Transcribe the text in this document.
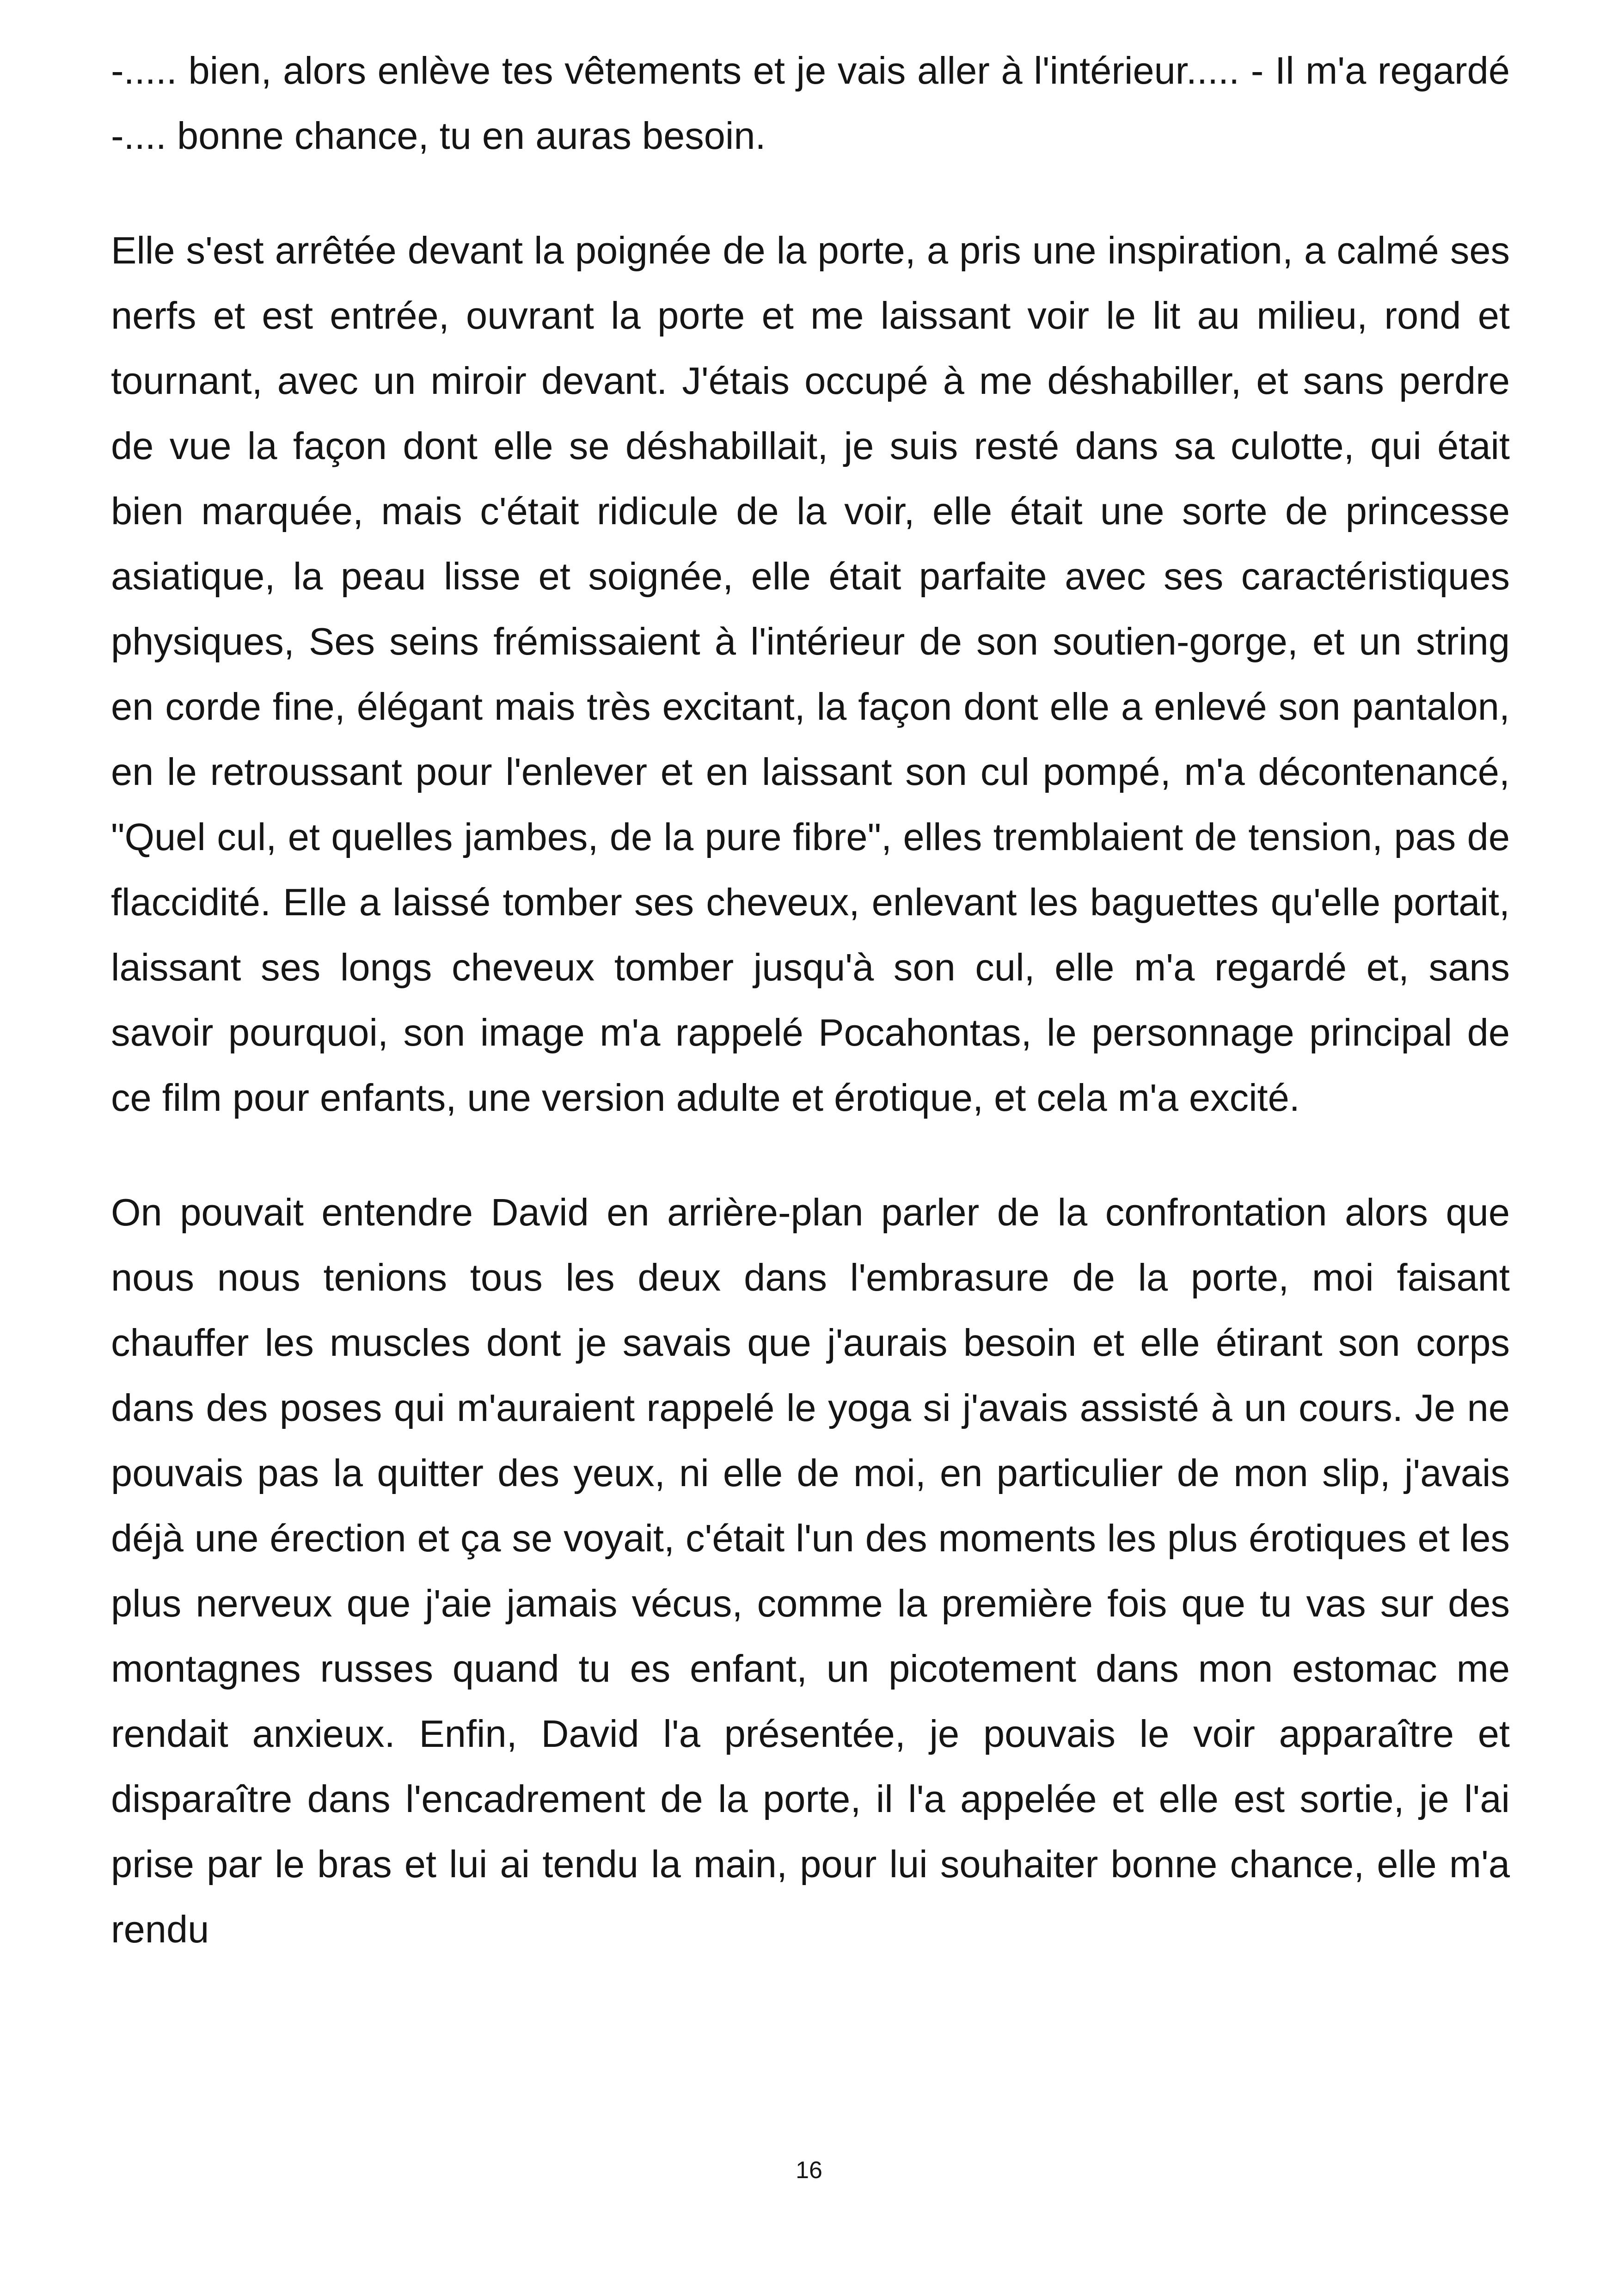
-..... bien, alors enlève tes vêtements et je vais aller à l'intérieur..... - Il m'a regardé -.... bonne chance, tu en auras besoin.

Elle s'est arrêtée devant la poignée de la porte, a pris une inspiration, a calmé ses nerfs et est entrée, ouvrant la porte et me laissant voir le lit au milieu, rond et tournant, avec un miroir devant. J'étais occupé à me déshabiller, et sans perdre de vue la façon dont elle se déshabillait, je suis resté dans sa culotte, qui était bien marquée, mais c'était ridicule de la voir, elle était une sorte de princesse asiatique, la peau lisse et soignée, elle était parfaite avec ses caractéristiques physiques, Ses seins frémissaient à l'intérieur de son soutien-gorge, et un string en corde fine, élégant mais très excitant, la façon dont elle a enlevé son pantalon, en le retroussant pour l'enlever et en laissant son cul pompé, m'a décontenancé, "Quel cul, et quelles jambes, de la pure fibre", elles tremblaient de tension, pas de flaccidité. Elle a laissé tomber ses cheveux, enlevant les baguettes qu'elle portait, laissant ses longs cheveux tomber jusqu'à son cul, elle m'a regardé et, sans savoir pourquoi, son image m'a rappelé Pocahontas, le personnage principal de ce film pour enfants, une version adulte et érotique, et cela m'a excité.

On pouvait entendre David en arrière-plan parler de la confrontation alors que nous nous tenions tous les deux dans l'embrasure de la porte, moi faisant chauffer les muscles dont je savais que j'aurais besoin et elle étirant son corps dans des poses qui m'auraient rappelé le yoga si j'avais assisté à un cours. Je ne pouvais pas la quitter des yeux, ni elle de moi, en particulier de mon slip, j'avais déjà une érection et ça se voyait, c'était l'un des moments les plus érotiques et les plus nerveux que j'aie jamais vécus, comme la première fois que tu vas sur des montagnes russes quand tu es enfant, un picotement dans mon estomac me rendait anxieux. Enfin, David l'a présentée, je pouvais le voir apparaître et disparaître dans l'encadrement de la porte, il l'a appelée et elle est sortie, je l'ai prise par le bras et lui ai tendu la main, pour lui souhaiter bonne chance, elle m'a rendu

16
